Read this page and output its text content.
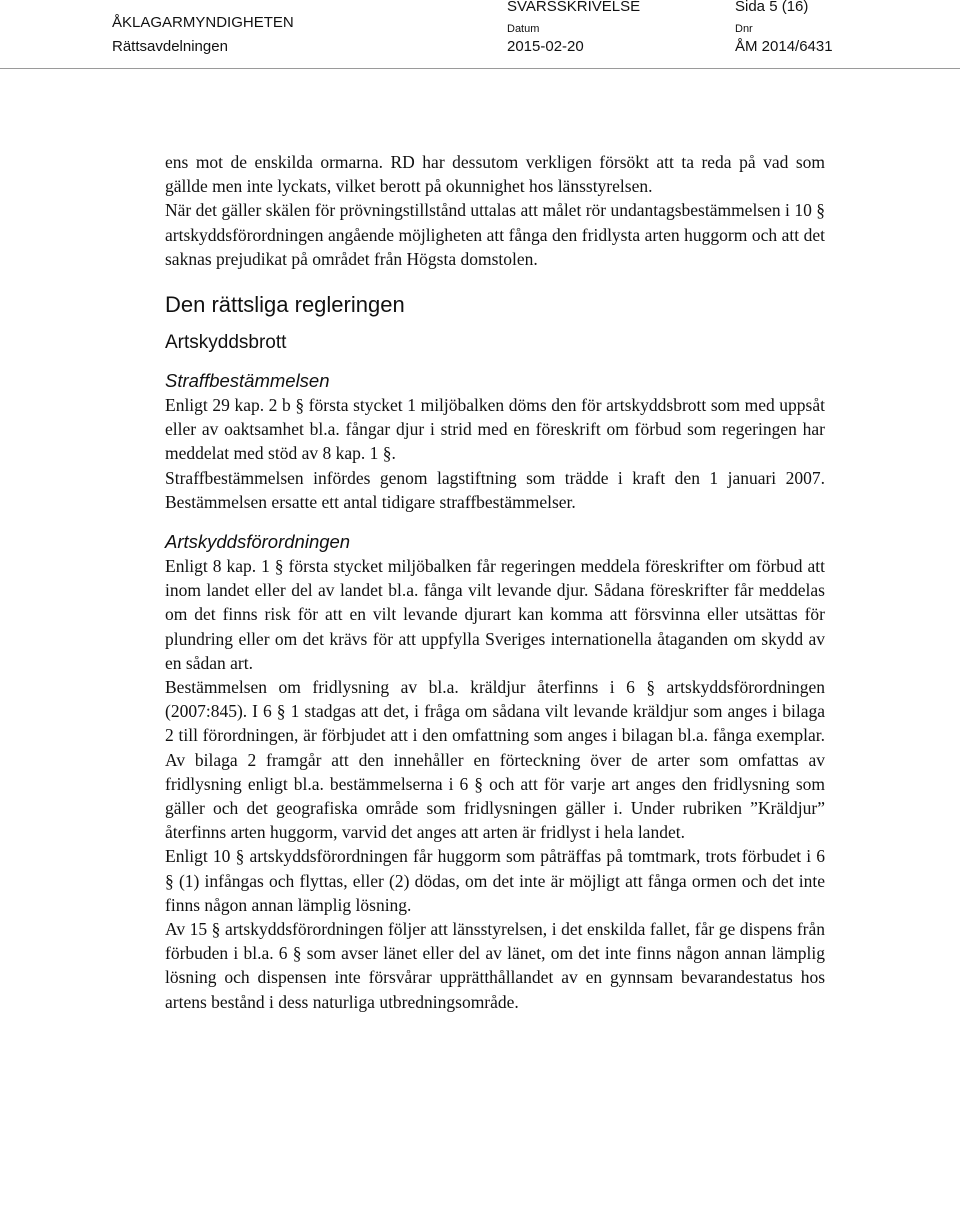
ÅKLAGARMYNDIGHETEN
Rättsavdelningen
SVARSSKRIVELSE	Sida 5 (16)
Datum
2015-02-20
Dnr
ÅM 2014/6431

ens mot de enskilda ormarna. RD har dessutom verkligen försökt att ta reda på vad som gällde men inte lyckats, vilket berott på okunnighet hos länsstyrelsen.

När det gäller skälen för prövningstillstånd uttalas att målet rör undantagsbestämmelsen i 10 § artskyddsförordningen angående möjligheten att fånga den fridlysta arten huggorm och att det saknas prejudikat på området från Högsta domstolen.

Den rättsliga regleringen
Artskyddsbrott
Straffbestämmelsen

Enligt 29 kap. 2 b § första stycket 1 miljöbalken döms den för artskyddsbrott som med uppsåt eller av oaktsamhet bl.a. fångar djur i strid med en föreskrift om förbud som regeringen har meddelat med stöd av 8 kap. 1 §.

Straffbestämmelsen infördes genom lagstiftning som trädde i kraft den 1 januari 2007. Bestämmelsen ersatte ett antal tidigare straffbestämmelser.

Artskyddsförordningen

Enligt 8 kap. 1 § första stycket miljöbalken får regeringen meddela föreskrifter om förbud att inom landet eller del av landet bl.a. fånga vilt levande djur. Sådana föreskrifter får meddelas om det finns risk för att en vilt levande djurart kan komma att försvinna eller utsättas för plundring eller om det krävs för att uppfylla Sveriges internationella åtaganden om skydd av en sådan art.

Bestämmelsen om fridlysning av bl.a. kräldjur återfinns i 6 § artskyddsförordningen (2007:845). I 6 § 1 stadgas att det, i fråga om sådana vilt levande kräldjur som anges i bilaga 2 till förordningen, är förbjudet att i den omfattning som anges i bilagan bl.a. fånga exemplar. Av bilaga 2 framgår att den innehåller en förteckning över de arter som omfattas av fridlysning enligt bl.a. bestämmelserna i 6 § och att för varje art anges den fridlysning som gäller och det geografiska område som fridlysningen gäller i. Under rubriken ”Kräldjur” återfinns arten huggorm, varvid det anges att arten är fridlyst i hela landet.

Enligt 10 § artskyddsförordningen får huggorm som påträffas på tomtmark, trots förbudet i 6 § (1) infångas och flyttas, eller (2) dödas, om det inte är möjligt att fånga ormen och det inte finns någon annan lämplig lösning.

Av 15 § artskyddsförordningen följer att länsstyrelsen, i det enskilda fallet, får ge dispens från förbuden i bl.a. 6 § som avser länet eller del av länet, om det inte finns någon annan lämplig lösning och dispensen inte försvårar upprätthållandet av en gynnsam bevarandestatus hos artens bestånd i dess naturliga utbredningsområde.
